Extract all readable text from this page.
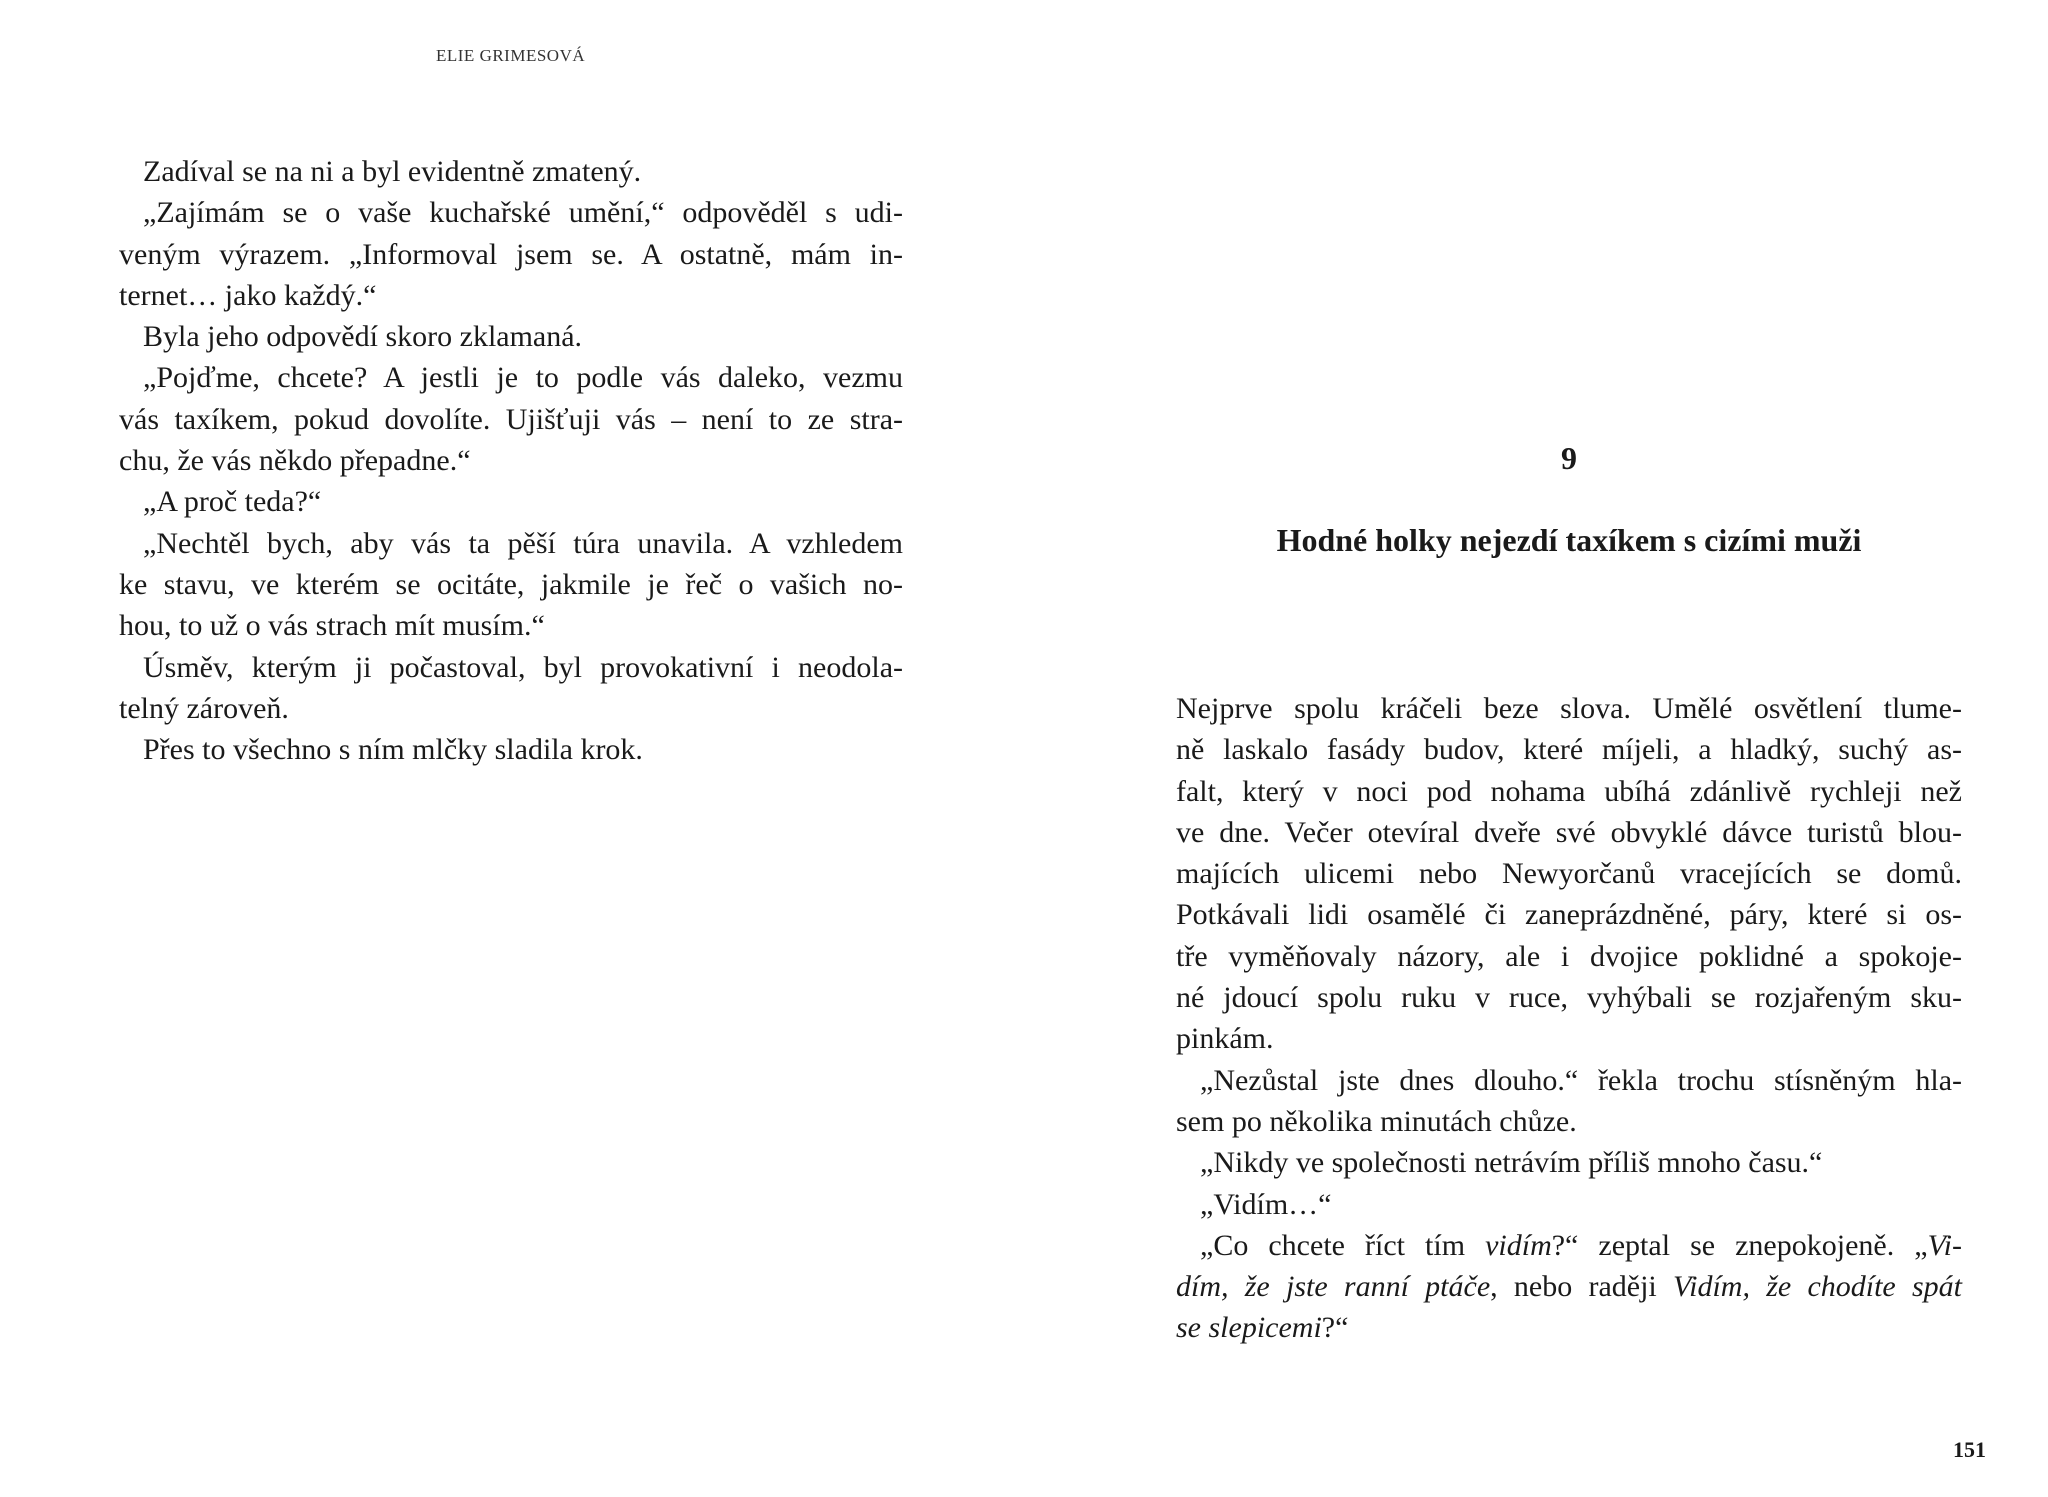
ELIE GRIMESOVÁ
Zadíval se na ni a byl evidentně zmatený.
„Zajímám se o vaše kuchařské umění,“ odpověděl s udi-
veným výrazem. „Informoval jsem se. A ostatně, mám in-
ternet… jako každý.“
Byla jeho odpovědí skoro zklamaná.
„Pojďme, chcete? A jestli je to podle vás daleko, vezmu
vás taxíkem, pokud dovolíte. Ujišťuji vás – není to ze stra-
chu, že vás někdo přepadne.“
„A proč teda?“
„Nechtěl bych, aby vás ta pěší túra unavila. A vzhledem
ke stavu, ve kterém se ocitáte, jakmile je řeč o vašich no-
hou, to už o vás strach mít musím.“
Úsměv, kterým ji počastoval, byl provokativní i neodola-
telný zároveň.
Přes to všechno s ním mlčky sladila krok.
9
Hodné holky nejezdí taxíkem s cizími muži
Nejprve spolu kráčeli beze slova. Umělé osvětlení tlume-
ně laskalo fasády budov, které míjeli, a hladký, suchý as-
falt, který v noci pod nohama ubíhá zdánlivě rychleji než
ve dne. Večer otevíral dveře své obvyklé dávce turistů blou-
majících ulicemi nebo Newyorčanů vracejících se domů.
Potkávali lidi osamělé či zaneprázdněné, páry, které si os-
tře vyměňovaly názory, ale i dvojice poklidné a spokoje-
né jdoucí spolu ruku v ruce, vyhýbali se rozjařeným sku-
pinkám.
„Nezůstal jste dnes dlouho.“ řekla trochu stísněným hla-
sem po několika minutách chůze.
„Nikdy ve společnosti netrávím příliš mnoho času.“
„Vidím…“
„Co chcete říct tím vidím?“ zeptal se znepokojeně. „Vi-
dím, že jste ranní ptáče, nebo raději Vidím, že chodíte spát
se slepicemi?“
151
